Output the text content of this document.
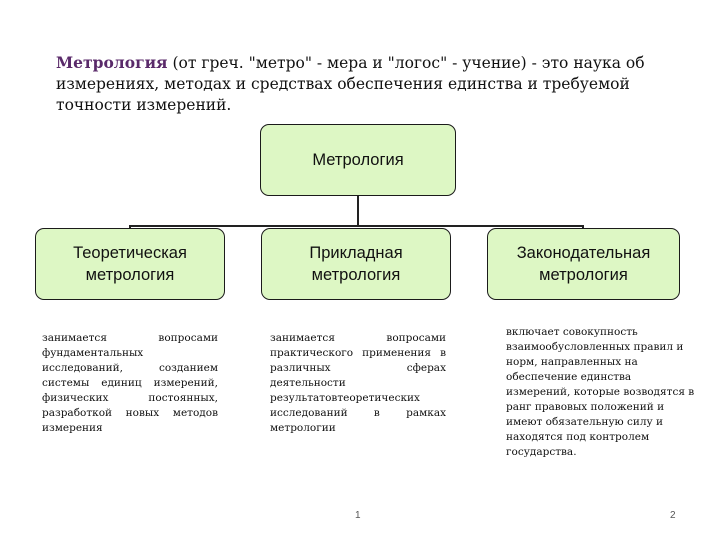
Метрология (от греч. "метро" - мера и "логос" - учение) - это наука об измерениях, методах и средствах обеспечения единства и требуемой точности измерений.
Метрология
Теоретическая
метрология
Прикладная
метрология
Законодательная
метрология
занимается вопросами фундаментальных исследований, созданием системы единиц измерений, физических постоянных, разработкой новых методов измерения
занимается вопросами практического применения в различных сферах деятельности результатовтеоретических исследований в рамках метрологии
включает совокупность взаимообусловленных правил и норм, направленных на обеспечение единства измерений, которые возводятся в ранг правовых положений и имеют обязательную силу и находятся под контролем государства.
1	2
